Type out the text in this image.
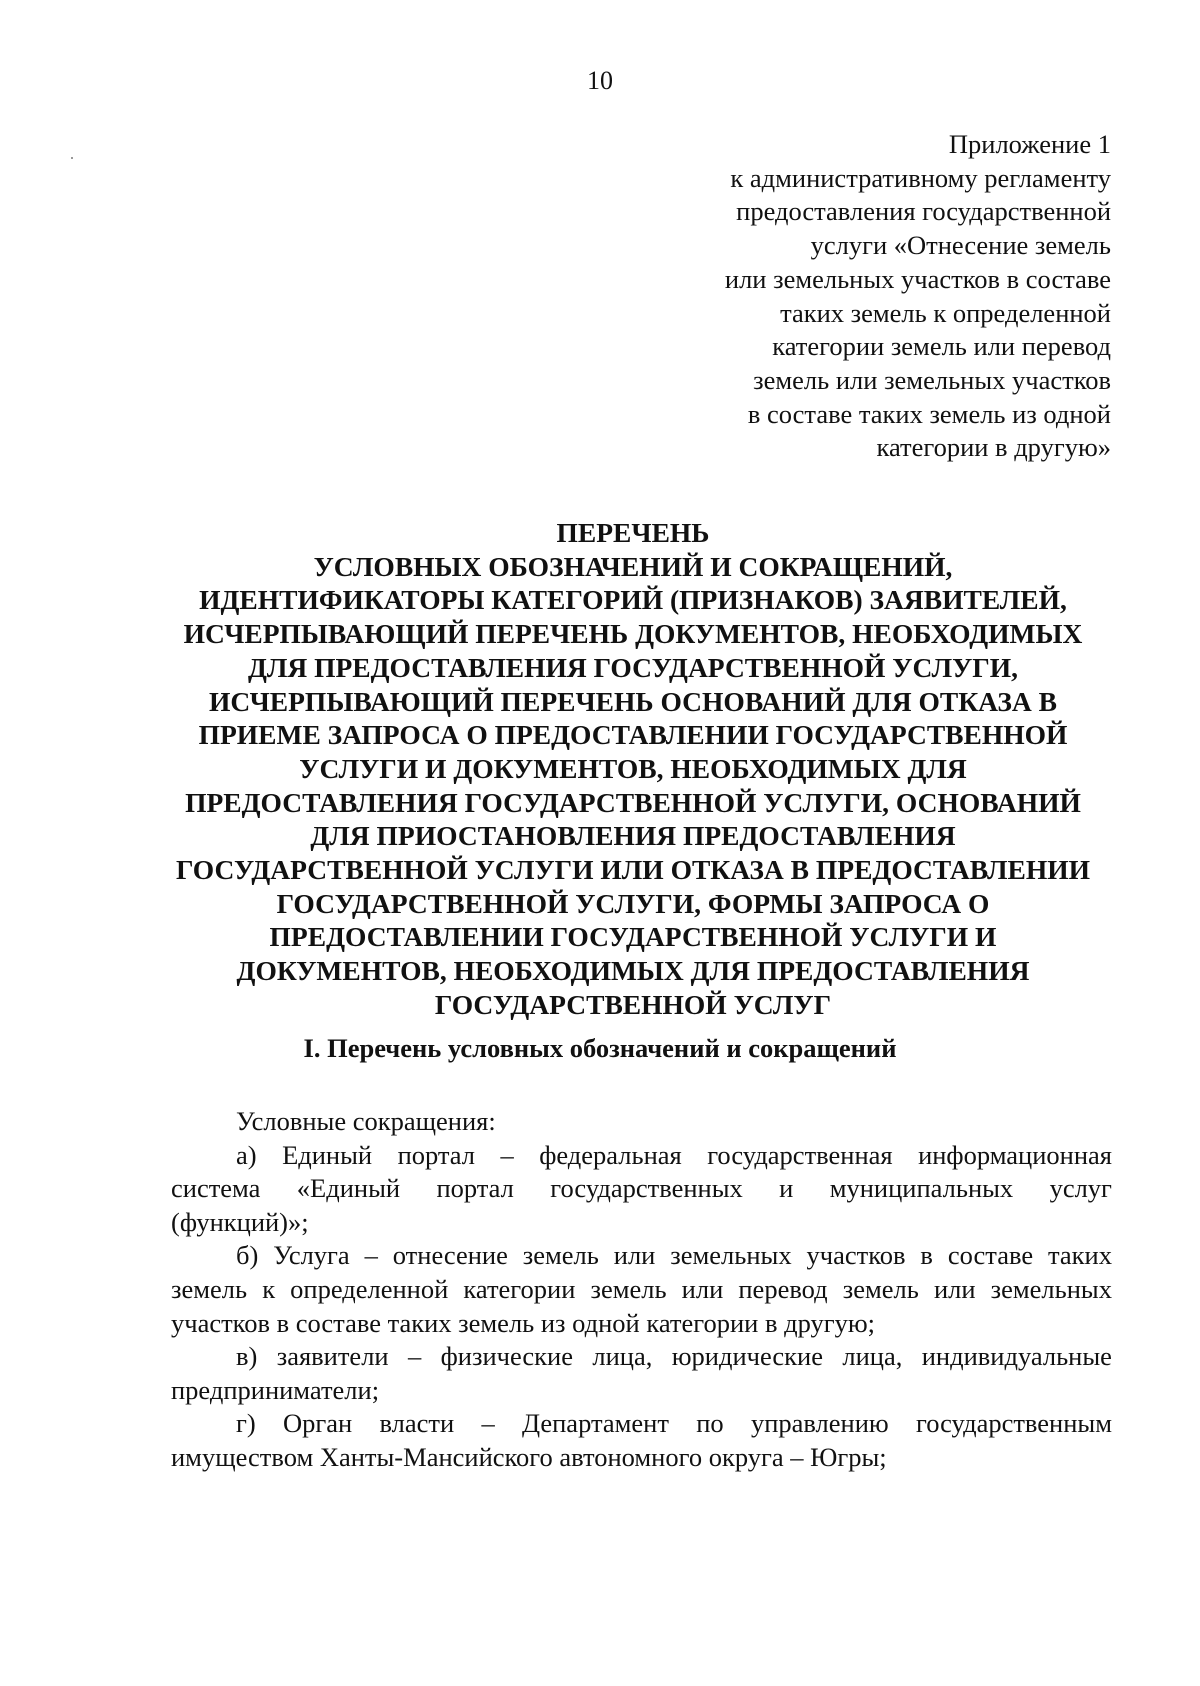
10
Приложение 1
к административному регламенту
предоставления государственной
услуги «Отнесение земель
или земельных участков в составе
таких земель к определенной
категории земель или перевод
земель или земельных участков
в составе таких земель из одной
категории в другую»
ПЕРЕЧЕНЬ
УСЛОВНЫХ ОБОЗНАЧЕНИЙ И СОКРАЩЕНИЙ,
ИДЕНТИФИКАТОРЫ КАТЕГОРИЙ (ПРИЗНАКОВ) ЗАЯВИТЕЛЕЙ,
ИСЧЕРПЫВАЮЩИЙ ПЕРЕЧЕНЬ ДОКУМЕНТОВ, НЕОБХОДИМЫХ
ДЛЯ ПРЕДОСТАВЛЕНИЯ ГОСУДАРСТВЕННОЙ УСЛУГИ,
ИСЧЕРПЫВАЮЩИЙ ПЕРЕЧЕНЬ ОСНОВАНИЙ ДЛЯ ОТКАЗА В
ПРИЕМЕ ЗАПРОСА О ПРЕДОСТАВЛЕНИИ ГОСУДАРСТВЕННОЙ
УСЛУГИ И ДОКУМЕНТОВ, НЕОБХОДИМЫХ ДЛЯ
ПРЕДОСТАВЛЕНИЯ ГОСУДАРСТВЕННОЙ УСЛУГИ, ОСНОВАНИЙ
ДЛЯ ПРИОСТАНОВЛЕНИЯ ПРЕДОСТАВЛЕНИЯ
ГОСУДАРСТВЕННОЙ УСЛУГИ ИЛИ ОТКАЗА В ПРЕДОСТАВЛЕНИИ
ГОСУДАРСТВЕННОЙ УСЛУГИ, ФОРМЫ ЗАПРОСА О
ПРЕДОСТАВЛЕНИИ ГОСУДАРСТВЕННОЙ УСЛУГИ И
ДОКУМЕНТОВ, НЕОБХОДИМЫХ ДЛЯ ПРЕДОСТАВЛЕНИЯ
ГОСУДАРСТВЕННОЙ УСЛУГ
I. Перечень условных обозначений и сокращений

Условные сокращения:

а) Единый портал – федеральная государственная информационная
система «Единый портал государственных и муниципальных услуг
(функций)»;
б) Услуга – отнесение земель или земельных участков в составе таких
земель к определенной категории земель или перевод земель или земельных
участков в составе таких земель из одной категории в другую;
в) заявители – физические лица, юридические лица, индивидуальные
предприниматели;
г) Орган власти – Департамент по управлению государственным
имуществом Ханты-Мансийского автономного округа – Югры;
